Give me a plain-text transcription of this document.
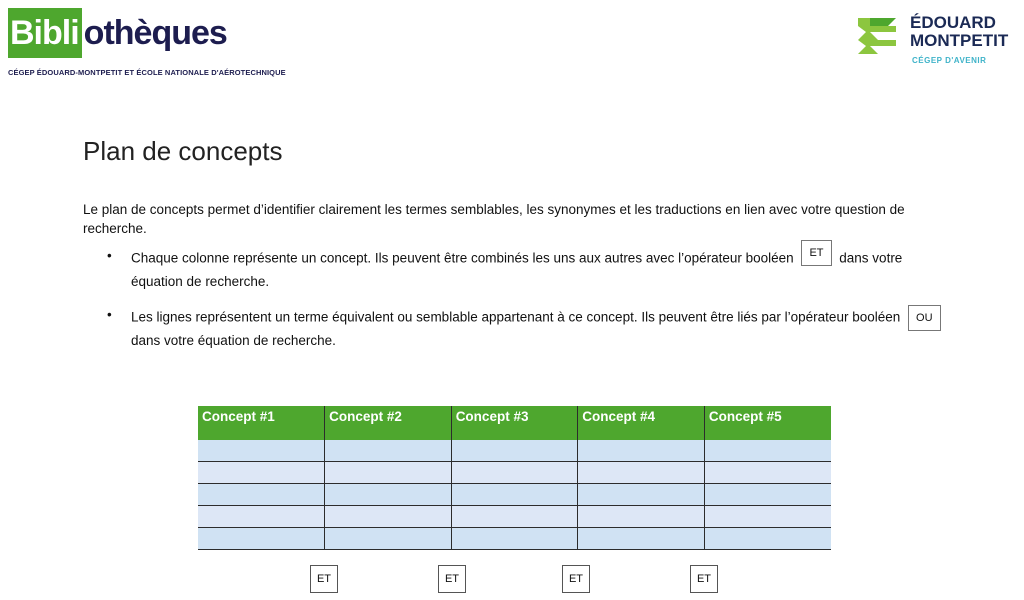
Bibli othèques
CÉGEP ÉDOUARD-MONTPETIT ET ÉCOLE NATIONALE D'AÉROTECHNIQUE
ÉDOUARD
MONTPETIT
CÉGEP D'AVENIR
Plan de concepts

Le plan de concepts permet d’identifier clairement les termes semblables, les synonymes et les traductions en lien avec votre question de recherche.

• Chaque colonne représente un concept. Ils peuvent être combinés les uns aux autres avec l’opérateur booléen ET dans votre équation de recherche.
• Les lignes représentent un terme équivalent ou semblable appartenant à ce concept. Ils peuvent être liés par l’opérateur booléen OU dans votre équation de recherche.
Concept #1	Concept #2	Concept #3	Concept #4	Concept #5

ET	ET	ET	ET
